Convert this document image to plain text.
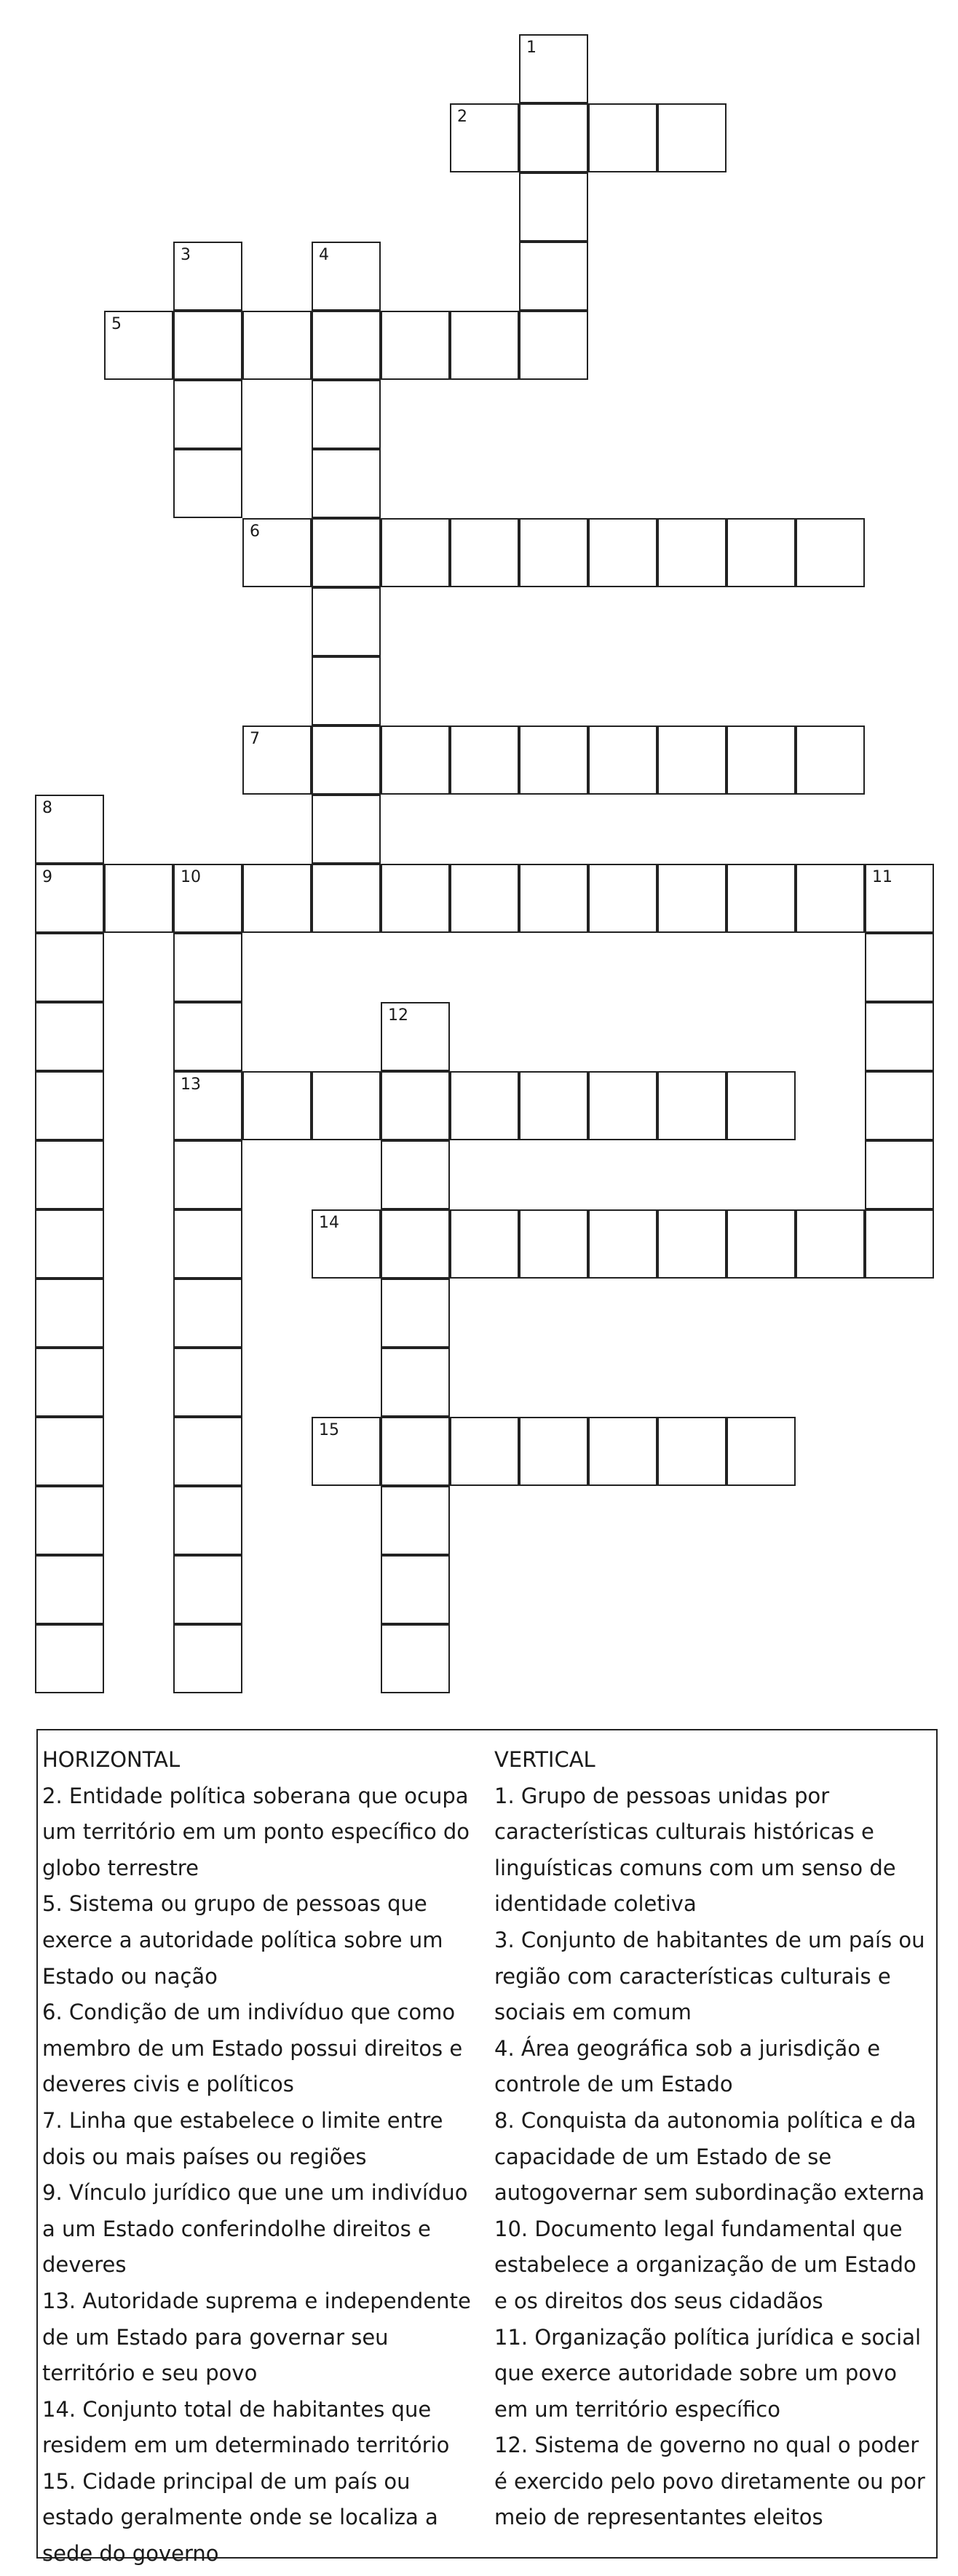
1
2
3	4
5
6
7
8
9	10	11
13
12
14
15
HORIZONTAL
2. Entidade política soberana que ocupa um território em um ponto específico do globo terrestre
5. Sistema ou grupo de pessoas que exerce a autoridade política sobre um Estado ou nação
6. Condição de um indivíduo que como membro de um Estado possui direitos e deveres civis e políticos
7. Linha que estabelece o limite entre dois ou mais países ou regiões
9. Vínculo jurídico que une um indivíduo a um Estado conferindolhe direitos e deveres
13. Autoridade suprema e independente de um Estado para governar seu território e seu povo
14. Conjunto total de habitantes que residem em um determinado território
15. Cidade principal de um país ou estado geralmente onde se localiza a sede do governo
VERTICAL
1. Grupo de pessoas unidas por características culturais históricas e linguísticas comuns com um senso de identidade coletiva
3. Conjunto de habitantes de um país ou região com características culturais e sociais em comum
4. Área geográfica sob a jurisdição e controle de um Estado
8. Conquista da autonomia política e da capacidade de um Estado de se autogovernar sem subordinação externa
10. Documento legal fundamental que estabelece a organização de um Estado e os direitos dos seus cidadãos
11. Organização política jurídica e social que exerce autoridade sobre um povo em um território específico
12. Sistema de governo no qual o poder é exercido pelo povo diretamente ou por meio de representantes eleitos
